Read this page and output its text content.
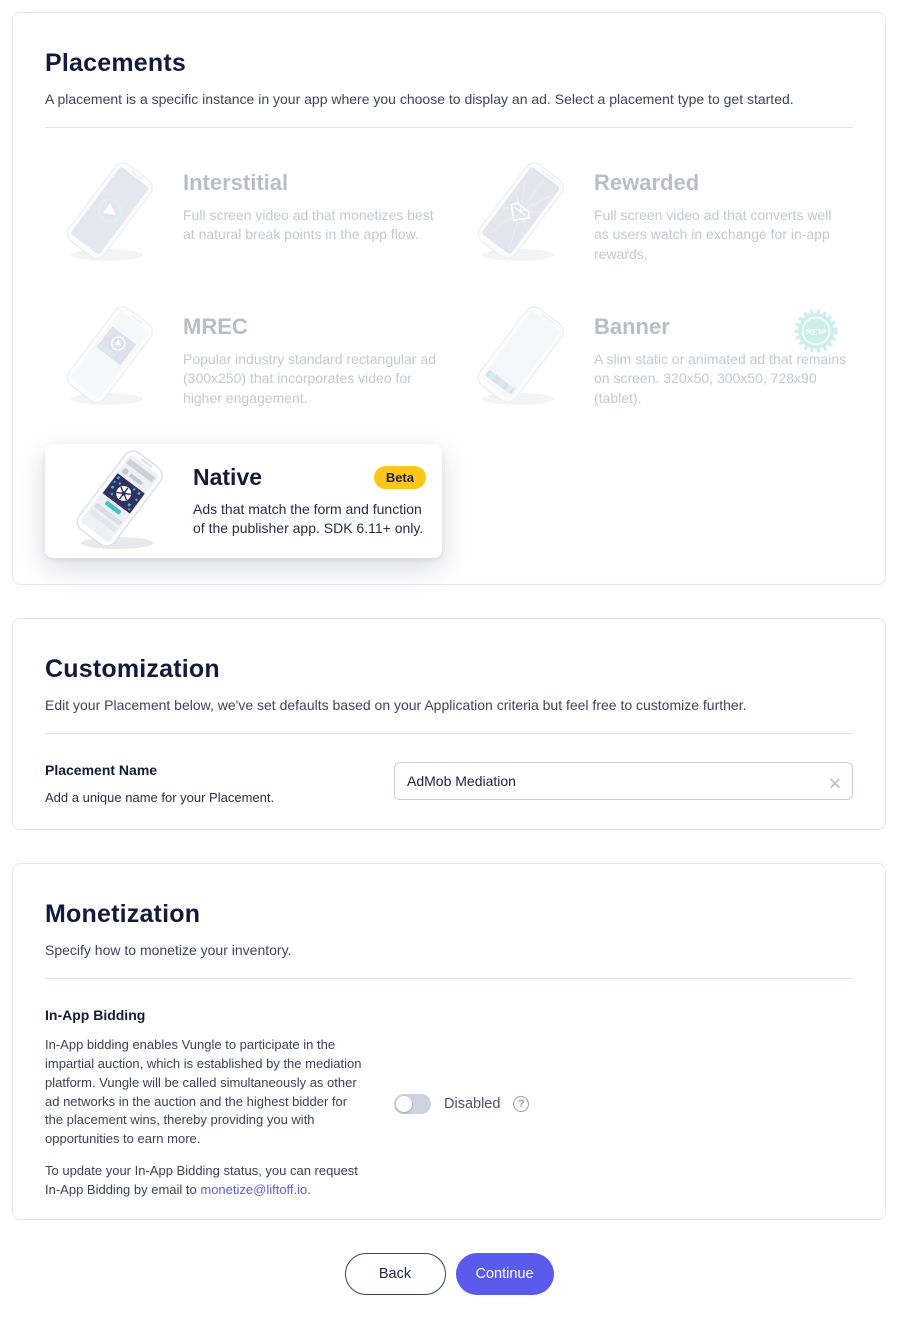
Placements

A placement is a specific instance in your app where you choose to display an ad. Select a placement type to get started.

Interstitial

Full screen video ad that monetizes best at natural break points in the app flow.

Rewarded

Full screen video ad that converts well as users watch in exchange for in-app rewards.

MREC

Popular industry standard rectangular ad (300x250) that incorporates video for higher engagement.

Banner

A slim static or animated ad that remains on screen. 320x50, 300x50, 728x90 (tablet).

NEW
Native	Beta

Ads that match the form and function of the publisher app. SDK 6.11+ only.

Customization

Edit your Placement below, we've set defaults based on your Application criteria but feel free to customize further.

Placement Name
Add a unique name for your Placement.
AdMob Mediation
✕
Monetization

Specify how to monetize your inventory.

In-App Bidding

In-App bidding enables Vungle to participate in the impartial auction, which is established by the mediation platform. Vungle will be called simultaneously as other ad networks in the auction and the highest bidder for the placement wins, thereby providing you with opportunities to earn more.

To update your In-App Bidding status, you can request In-App Bidding by email to monetize@liftoff.io.

Disabled	?
Back	Continue
